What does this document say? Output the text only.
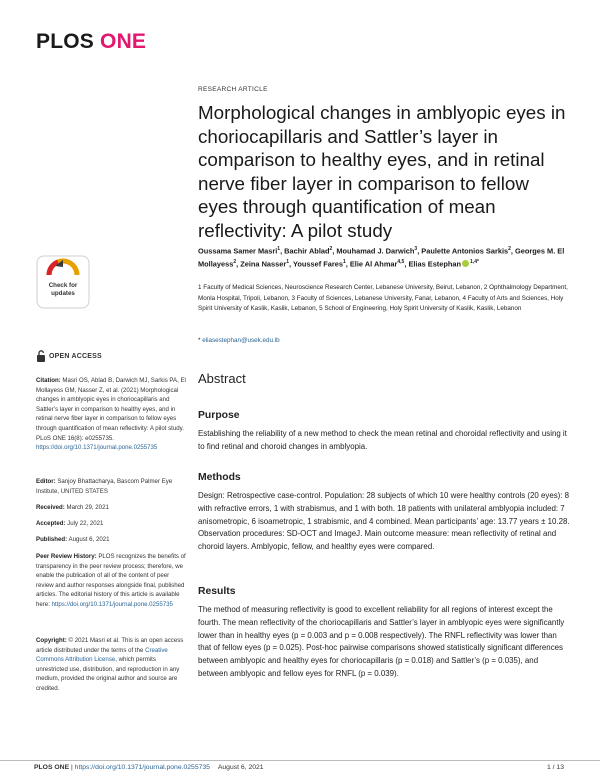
PLOS ONE
RESEARCH ARTICLE
Morphological changes in amblyopic eyes in choriocapillaris and Sattler’s layer in comparison to healthy eyes, and in retinal nerve fiber layer in comparison to fellow eyes through quantification of mean reflectivity: A pilot study
Oussama Samer Masri$^1$, Bachir Ablad$^2$, Mouhamad J. Darwich$^3$, Paulette Antonios Sarkis$^2$, Georges M. El Mollayess$^2$, Zeina Nasser$^1$, Youssef Fares$^1$, Elie Al Ahmar$^{4,5}$, Elias Estephan $^{1,4*}$
1 Faculty of Medical Sciences, Neuroscience Research Center, Lebanese University, Beirut, Lebanon, 2 Ophthalmology Department, Monla Hospital, Tripoli, Lebanon, 3 Faculty of Sciences, Lebanese University, Fanar, Lebanon, 4 Faculty of Arts and Sciences, Holy Spirit University of Kaslik, Kaslik, Lebanon, 5 School of Engineering, Holy Spirit University of Kaslik, Kaslik, Lebanon
* eliasestephan@usek.edu.lb
Check for
updates
OPEN ACCESS
Citation: Masri OS, Ablad B, Darwich MJ, Sarkis PA, El Mollayess GM, Nasser Z, et al. (2021) Morphological changes in amblyopic eyes in choriocapillaris and Sattler’s layer in comparison to healthy eyes, and in retinal nerve fiber layer in comparison to fellow eyes through quantification of mean reflectivity: A pilot study. PLoS ONE 16(8): e0255735. https://doi.org/10.1371/journal.pone.0255735
Editor: Sanjoy Bhattacharya, Bascom Palmer Eye Institute, UNITED STATES
Received: March 29, 2021
Accepted: July 22, 2021
Published: August 6, 2021
Peer Review History: PLOS recognizes the benefits of transparency in the peer review process; therefore, we enable the publication of all of the content of peer review and author responses alongside final, published articles. The editorial history of this article is available here: https://doi.org/10.1371/journal.pone.0255735
Copyright: © 2021 Masri et al. This is an open access article distributed under the terms of the Creative Commons Attribution License, which permits unrestricted use, distribution, and reproduction in any medium, provided the original author and source are credited.
Abstract
Purpose
Establishing the reliability of a new method to check the mean retinal and choroidal reflectivity and using it to find retinal and choroid changes in amblyopia.
Methods
Design: Retrospective case-control. Population: 28 subjects of which 10 were healthy controls (20 eyes): 8 with refractive errors, 1 with strabismus, and 1 with both. 18 patients with unilateral amblyopia included: 7 anisometropic, 6 isoametropic, 1 strabismic, and 4 combined. Mean participants’ age: 13.77 years ± 10.28. Observation procedures: SD-OCT and ImageJ. Main outcome measure: mean reflectivity of retinal and choroid layers. Amblyopic, fellow, and healthy eyes were compared.
Results
The method of measuring reflectivity is good to excellent reliability for all regions of interest except the fourth. The mean reflectivity of the choriocapillaris and Sattler’s layer in amblyopic eyes were significantly lower than in healthy eyes (p = 0.003 and p = 0.008 respectively). The RNFL reflectivity was lower than that of fellow eyes (p = 0.025). Post-hoc pairwise comparisons showed statistically significant differences between amblyopic and healthy eyes for choriocapillaris (p = 0.018) and Sattler’s (p = 0.035), and between amblyopic and fellow eyes for RNFL (p = 0.039).
PLOS ONE | https://doi.org/10.1371/journal.pone.0255735 August 6, 2021	1 / 13
